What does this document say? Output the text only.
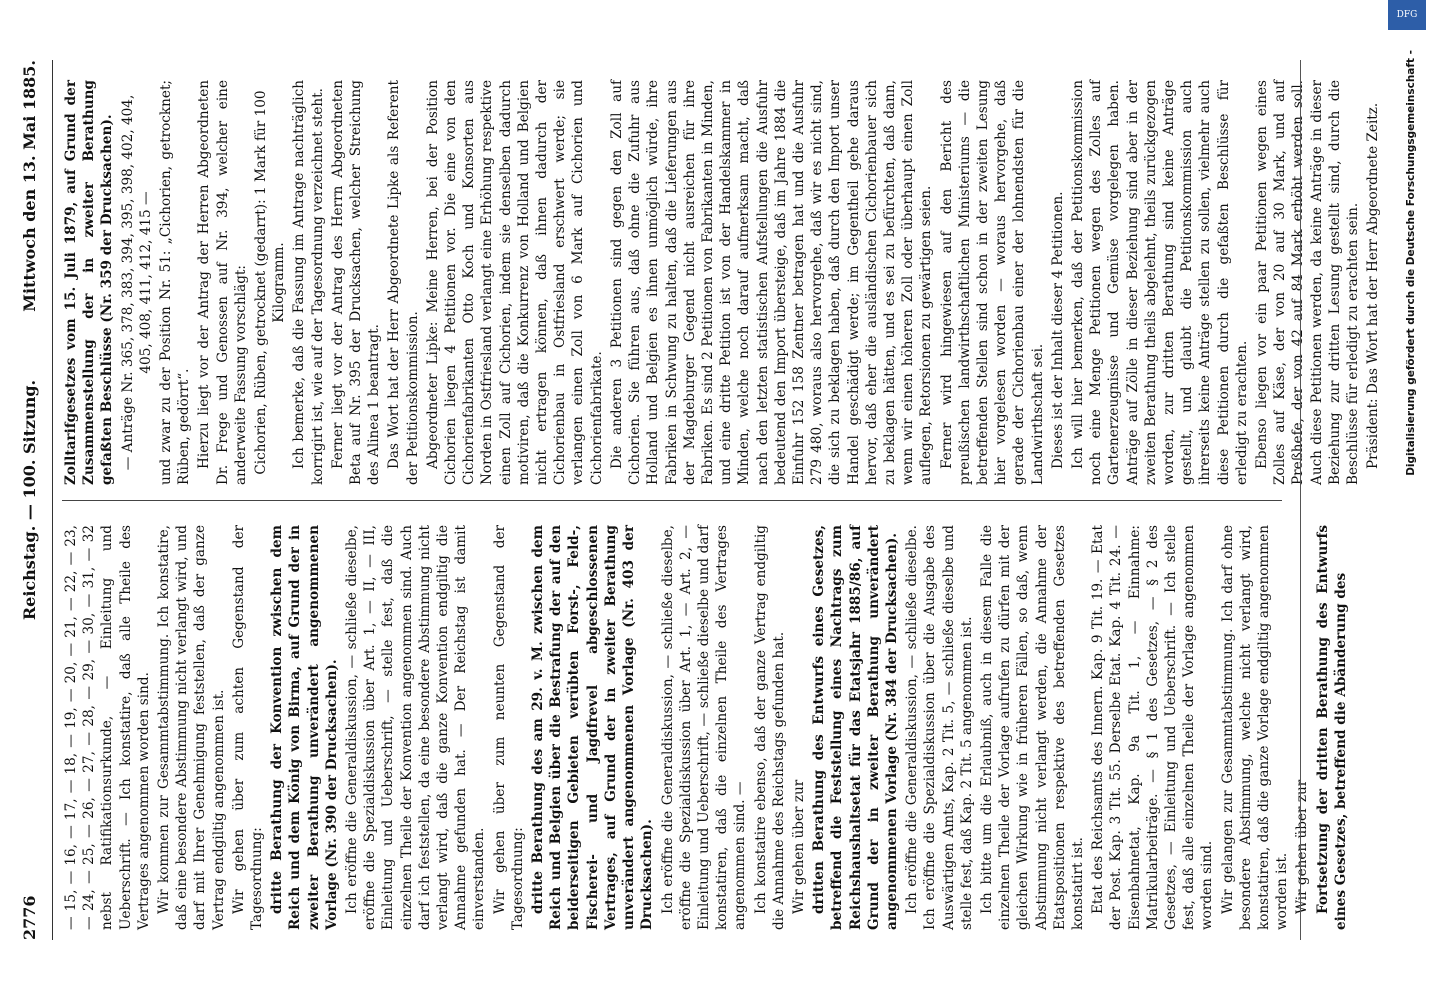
2776
Reichstag. — 100. Sitzung.
Mittwoch den 13. Mai 1885.

— 15, — 16, — 17, — 18, — 19, — 20, — 21, — 22, — 23, — 24, — 25, — 26, — 27, — 28, — 29, — 30, — 31, — 32 nebst Ratifikationsurkunde, — Einleitung und Ueberschrift. — Ich konstatire, daß alle Theile des Vertrages angenommen worden sind. Wir kommen zur Gesammtabstimmung. Ich konstatire, daß eine besondere Abstimmung nicht verlangt wird, und darf mit Ihrer Genehmigung feststellen, daß der ganze Vertrag endgiltig angenommen ist. Wir gehen über zum achten Gegenstand der Tagesordnung: dritte Berathung der Konvention zwischen dem Reich und dem König von Birma, auf Grund der in zweiter Berathung unverändert angenommenen Vorlage (Nr. 390 der Drucksachen). Ich eröffne die Generaldiskussion, — schließe dieselbe, eröffne die Spezialdiskussion über Art. 1, — II, — III, Einleitung und Ueberschrift, — stelle fest, daß die einzelnen Theile der Konvention angenommen sind. Auch darf ich feststellen, da eine besondere Abstimmung nicht verlangt wird, daß die ganze Konvention endgiltig die Annahme gefunden hat. — Der Reichstag ist damit einverstanden. Wir gehen über zum neunten Gegenstand der Tagesordnung: dritte Berathung des am 29. v. M. zwischen dem Reich und Belgien über die Bestrafung der auf den beiderseitigen Gebieten verübten Forst-, Feld-, Fischerei- und Jagdfrevel abgeschlossenen Vertrages, auf Grund der in zweiter Berathung unverändert angenommenen Vorlage (Nr. 403 der Drucksachen). Ich eröffne die Generaldiskussion, — schließe dieselbe, eröffne die Spezialdiskussion über Art. 1, — Art. 2, — Einleitung und Ueberschrift, — schließe dieselbe und darf konstatiren, daß die einzelnen Theile des Vertrages angenommen sind. — Ich konstatire ebenso, daß der ganze Vertrag endgiltig die Annahme des Reichstags gefunden hat. Wir gehen über zur dritten Berathung des Entwurfs eines Gesetzes, betreffend die Feststellung eines Nachtrags zum Reichshaushaltsetat für das Etatsjahr 1885/86, auf Grund der in zweiter Berathung unverändert angenommenen Vorlage (Nr. 384 der Drucksachen). Ich eröffne die Generaldiskussion, — schließe dieselbe. Ich eröffne die Spezialdiskussion über die Ausgabe des Auswärtigen Amts, Kap. 2 Tit. 5, — schließe dieselbe und stelle fest, daß Kap. 2 Tit. 5 angenommen ist. Ich bitte um die Erlaubniß, auch in diesem Falle die einzelnen Theile der Vorlage aufrufen zu dürfen mit der gleichen Wirkung wie in früheren Fällen, so daß, wenn Abstimmung nicht verlangt werden, die Annahme der Etatspositionen respektive des betreffenden Gesetzes konstatirt ist. Etat des Reichsamts des Innern. Kap. 9 Tit. 19. — Etat der Post. Kap. 3 Tit. 55. Derselbe Etat. Kap. 4 Tit. 24. — Eisenbahnetat, Kap. 9a Tit. 1, — Einnahme: Matrikularbeiträge. — § 1 des Gesetzes, — § 2 des Gesetzes, — Einleitung und Ueberschrift. — Ich stelle fest, daß alle einzelnen Theile der Vorlage angenommen worden sind. Wir gelangen zur Gesammtabstimmung. Ich darf ohne besondere Abstimmung, welche nicht verlangt wird, konstatiren, daß die ganze Vorlage endgiltig angenommen worden ist. Wir gehen über zur Fortsetzung der dritten Berathung des Entwurfs eines Gesetzes, betreffend die Abänderung des

Zolltarifgesetzes vom 15. Juli 1879, auf Grund der Zusammenstellung der in zweiter Berathung gefaßten Beschlüsse (Nr. 359 der Drucksachen). — Anträge Nr. 365, 378, 383, 394, 395, 398, 402, 404, 405, 408, 411, 412, 415 — und zwar zu der Position Nr. 51: „Cichorien, getrocknet; Rüben, gedörrt“. Hierzu liegt vor der Antrag der Herren Abgeordneten Dr. Frege und Genossen auf Nr. 394, welcher eine anderweite Fassung vorschlägt: Cichorien, Rüben, getrocknet (gedarrt): 1 Mark für 100 Kilogramm. Ich bemerke, daß die Fassung im Antrage nachträglich korrigirt ist, wie auf der Tagesordnung verzeichnet steht. Ferner liegt vor der Antrag des Herrn Abgeordneten Beta auf Nr. 395 der Drucksachen, welcher Streichung des Alinea 1 beantragt. Das Wort hat der Herr Abgeordnete Lipke als Referent der Petitionskommission. Abgeordneter Lipke: Meine Herren, bei der Position Cichorien liegen 4 Petitionen vor. Die eine von den Cichorienfabrikanten Otto Koch und Konsorten aus Norden in Ostfriesland verlangt eine Erhöhung respektive einen Zoll auf Cichorien, indem sie denselben dadurch motiviren, daß die Konkurrenz von Holland und Belgien nicht ertragen können, daß ihnen dadurch der Cichorienbau in Ostfriesland erschwert werde; sie verlangen einen Zoll von 6 Mark auf Cichorien und Cichorienfabrikate. Die anderen 3 Petitionen sind gegen den Zoll auf Cichorien. Sie führen aus, daß ohne die Zufuhr aus Holland und Belgien es ihnen unmöglich würde, ihre Fabriken in Schwung zu halten, daß die Lieferungen aus der Magdeburger Gegend nicht ausreichen für ihre Fabriken. Es sind 2 Petitionen von Fabrikanten in Minden, und eine dritte Petition ist von der Handelskammer in Minden, welche noch darauf aufmerksam macht, daß nach den letzten statistischen Aufstellungen die Ausfuhr bedeutend den Import übersteige, daß im Jahre 1884 die Einfuhr 152 158 Zentner betragen hat und die Ausfuhr 279 480, woraus also hervorgehe, daß wir es nicht sind, die sich zu beklagen haben, daß durch den Import unser Handel geschädigt werde; im Gegentheil gehe daraus hervor, daß eher die ausländischen Cichorienbauer sich zu beklagen hätten, und es sei zu befürchten, daß dann, wenn wir einen höheren Zoll oder überhaupt einen Zoll auflegen, Retorsionen zu gewärtigen seien. Ferner wird hingewiesen auf den Bericht des preußischen landwirthschaftlichen Ministeriums — die betreffenden Stellen sind schon in der zweiten Lesung hier vorgelesen worden — woraus hervorgehe, daß gerade der Cichorienbau einer der lohnendsten für die Landwirthschaft sei. Dieses ist der Inhalt dieser 4 Petitionen. Ich will hier bemerken, daß der Petitionskommission noch eine Menge Petitionen wegen des Zolles auf Gartenerzeugnisse und Gemüse vorgelegen haben. Anträge auf Zölle in dieser Beziehung sind aber in der zweiten Berathung theils abgelehnt, theils zurückgezogen worden, zur dritten Berathung sind keine Anträge gestellt, und glaubt die Petitionskommission auch ihrerseits keine Anträge stellen zu sollen, vielmehr auch diese Petitionen durch die gefaßten Beschlüsse für erledigt zu erachten. Ebenso liegen vor ein paar Petitionen wegen eines Zolles auf Käse, der von 20 auf 30 Mark, und auf Preßhefe, der von 42 auf 84 Mark erhöht werden soll. Auch diese Petitionen werden, da keine Anträge in dieser Beziehung zur dritten Lesung gestellt sind, durch die Beschlüsse für erledigt zu erachten sein. Präsident: Das Wort hat der Herr Abgeordnete Zeitz.	Digitalisierung gefördert durch die Deutsche Forschungsgemeinschaft -
DFG
